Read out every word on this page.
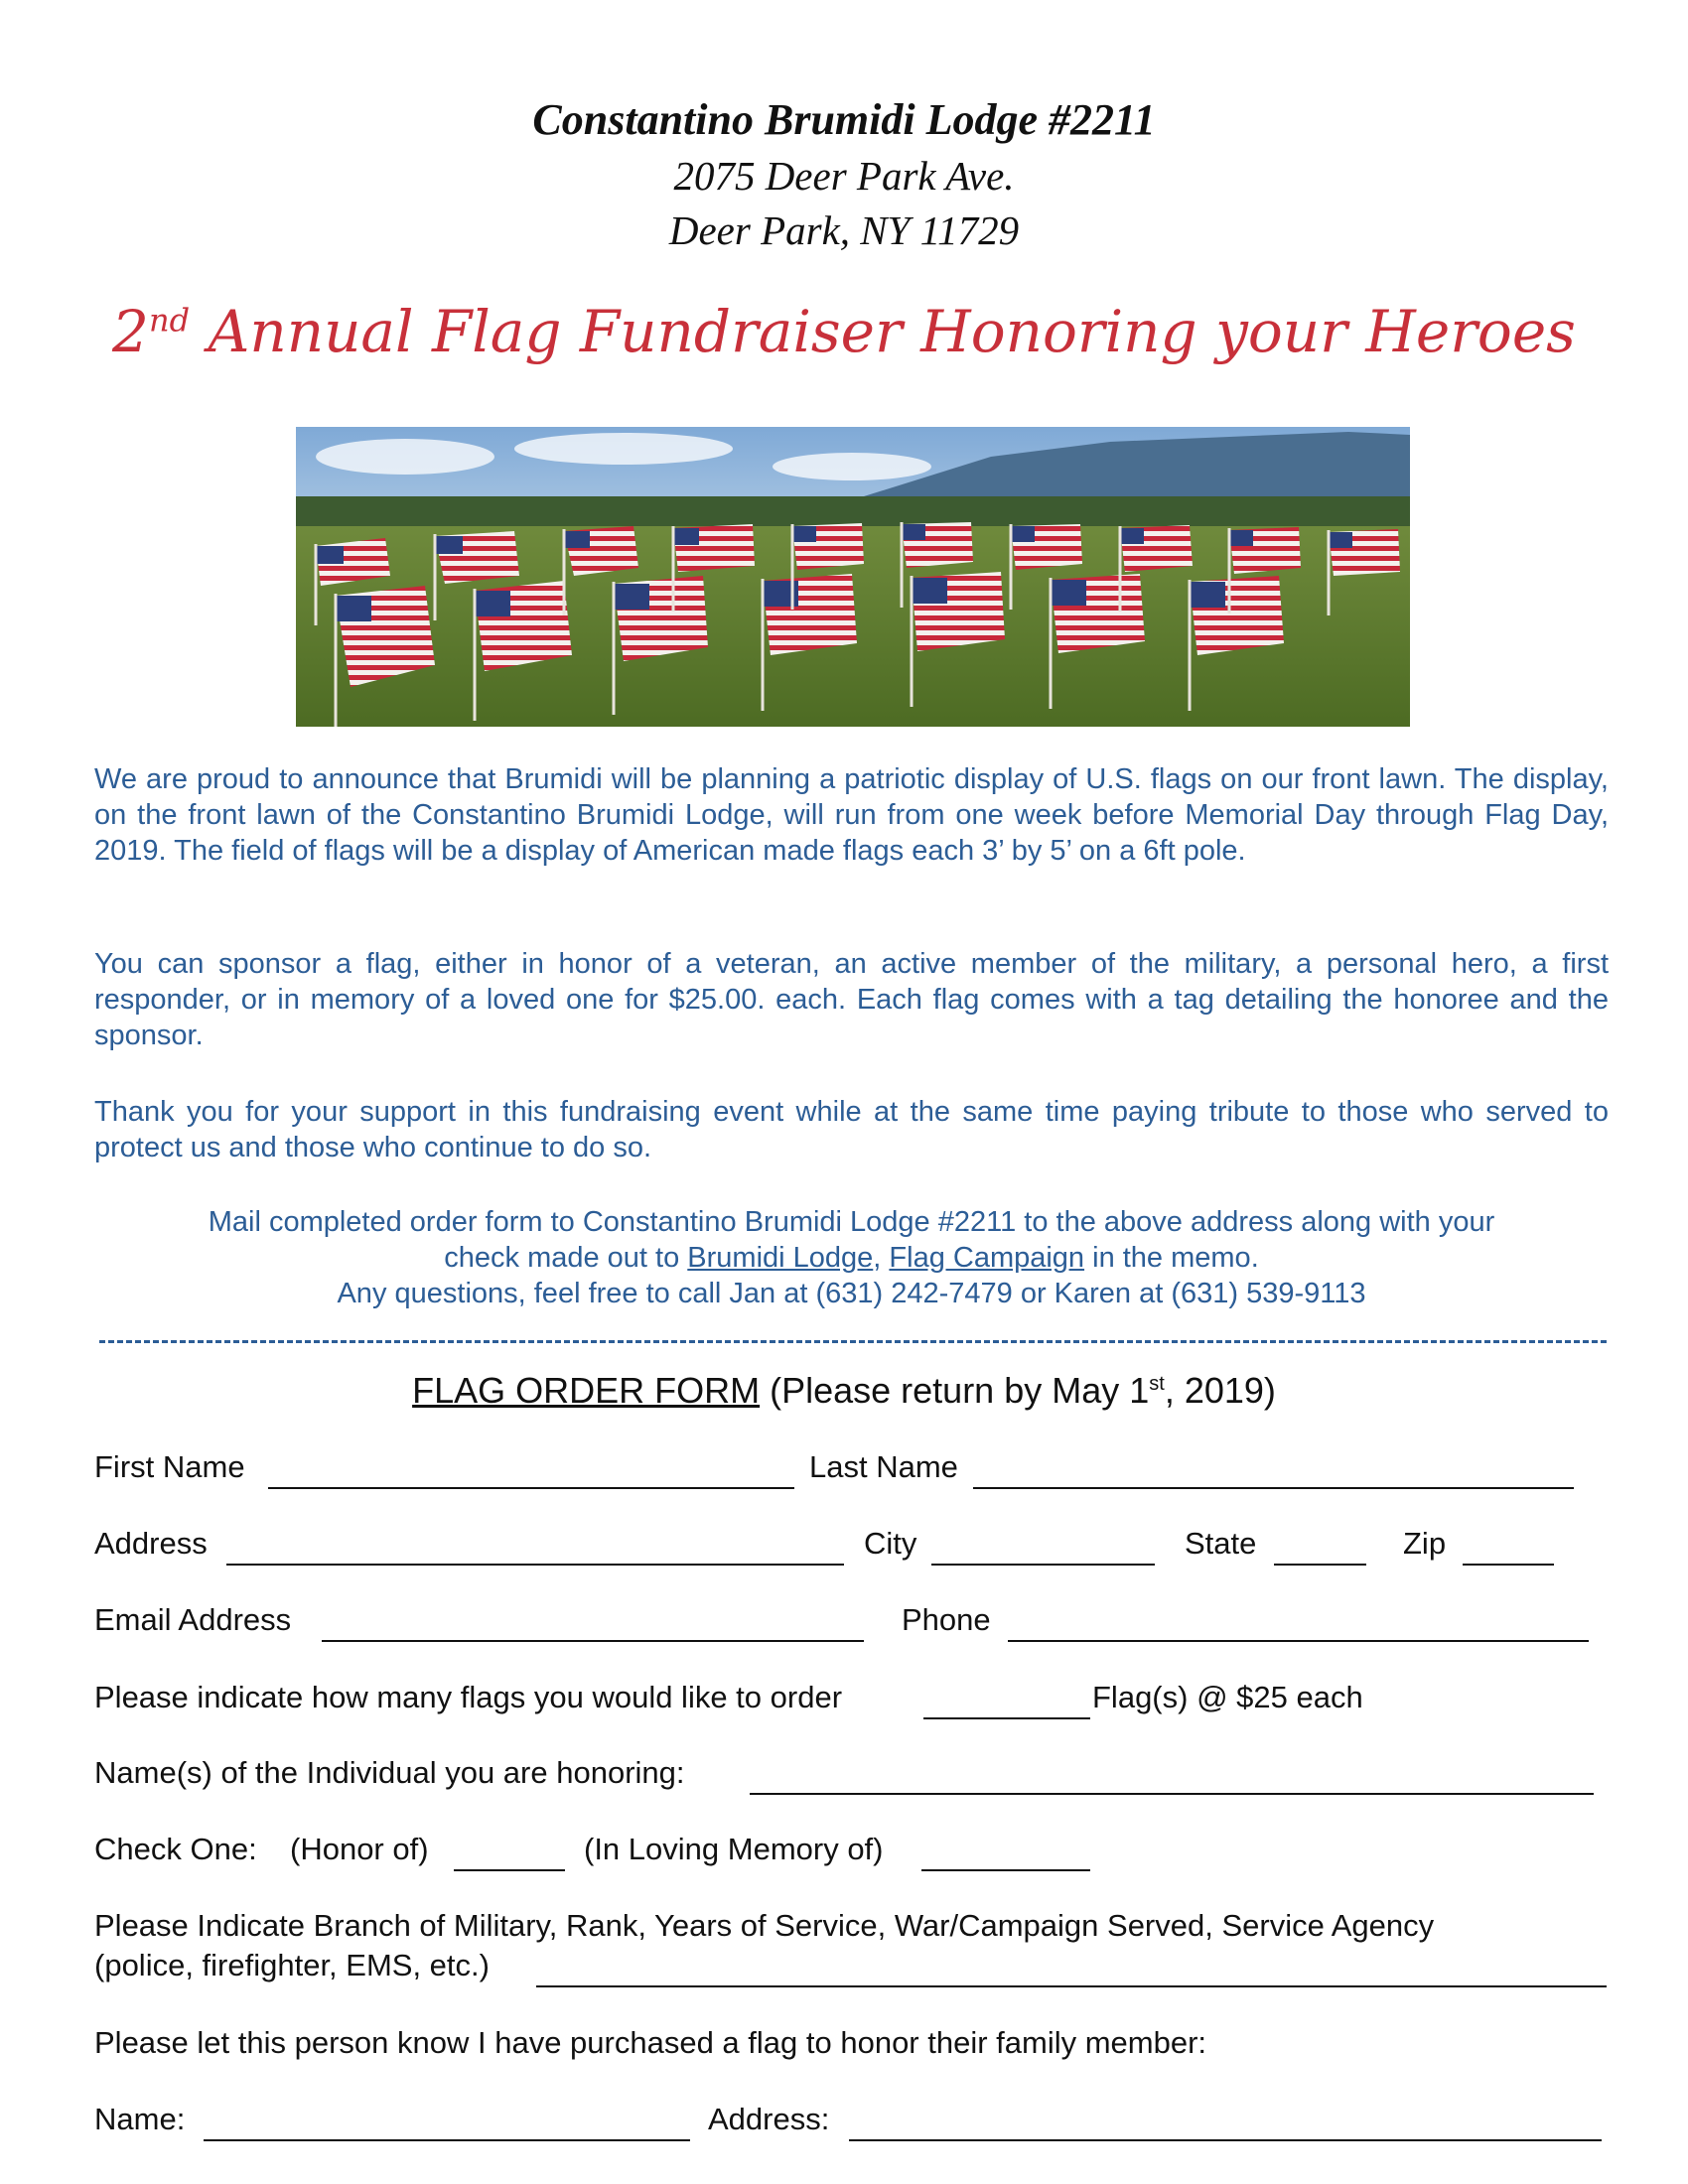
Constantino Brumidi Lodge #2211
2075 Deer Park Ave.
Deer Park, NY 11729
2nd Annual Flag Fundraiser Honoring your Heroes
We are proud to announce that Brumidi will be planning a patriotic display of U.S. flags on our front lawn. The display, on the front lawn of the Constantino Brumidi Lodge, will run from one week before Memorial Day through Flag Day, 2019. The field of flags will be a display of American made flags each 3’ by 5’ on a 6ft pole.
You can sponsor a flag, either in honor of a veteran, an active member of the military, a personal hero, a first responder, or in memory of a loved one for $25.00. each. Each flag comes with a tag detailing the honoree and the sponsor.
Thank you for your support in this fundraising event while at the same time paying tribute to those who served to protect us and those who continue to do so.
Mail completed order form to Constantino Brumidi Lodge #2211 to the above address along with your
check made out to Brumidi Lodge, Flag Campaign in the memo.
Any questions, feel free to call Jan at (631) 242-7479 or Karen at (631) 539-9113
FLAG ORDER FORM (Please return by May 1st, 2019)
First Name	Last Name
Address	City	State	Zip
Email Address	Phone
Please indicate how many flags you would like to order	Flag(s) @ $25 each
Name(s) of the Individual you are honoring:
Check One: (Honor of)	(In Loving Memory of)
Please Indicate Branch of Military, Rank, Years of Service, War/Campaign Served, Service Agency
(police, firefighter, EMS, etc.)
Please let this person know I have purchased a flag to honor their family member:
Name:	Address:
